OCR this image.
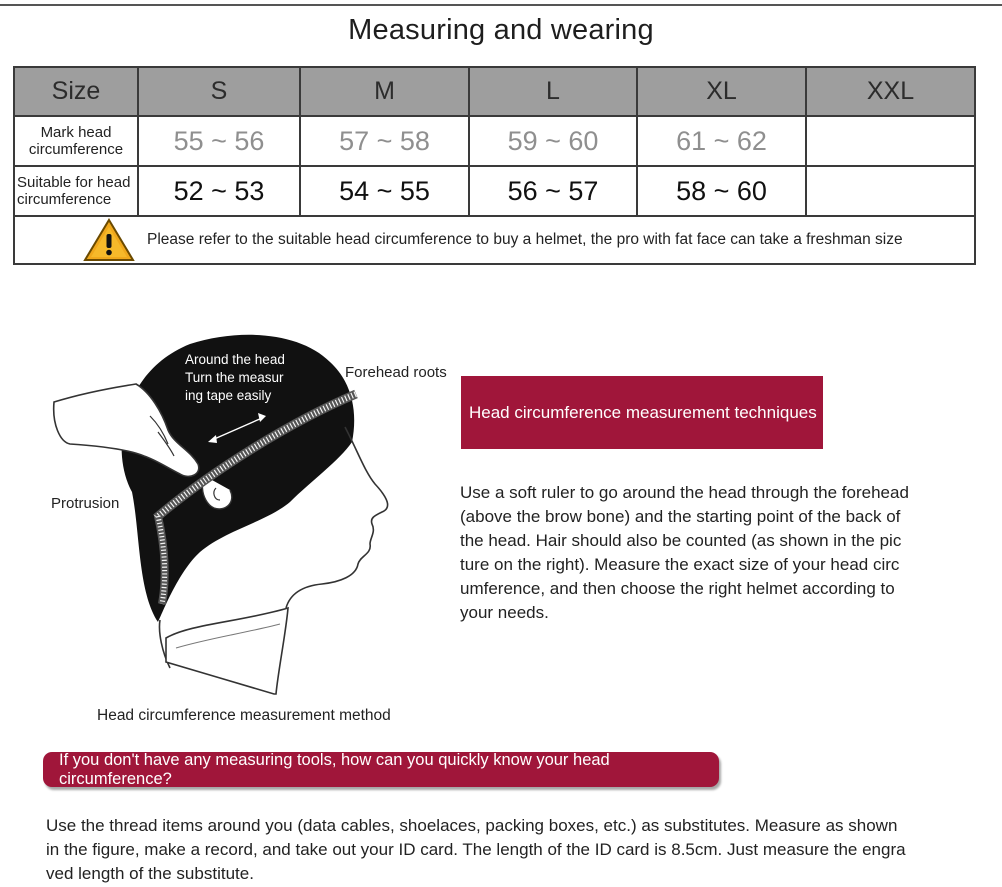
Measuring and wearing
Size	S	M	L	XL	XXL

Mark head circumference	55 ~ 56	57 ~ 58	59 ~ 60	61 ~ 62	

Suitable for head circumference	52 ~ 53	54 ~ 55	56 ~ 57	58 ~ 60	

Please refer to the suitable head circumference to buy a helmet, the pro with fat face can take a freshman size					
Around the head
Turn the measur
ing tape easily
Forehead roots
Protrusion
Head circumference measurement techniques
Use a soft ruler to go around the head through the forehead
(above the brow bone) and the starting point of the back of
the head. Hair should also be counted (as shown in the pic
ture on the right). Measure the exact size of your head circ
umference, and then choose the right helmet according to
your needs.
Head circumference measurement method
If you don't have any measuring tools, how can you quickly know your head circumference?
Use the thread items around you (data cables, shoelaces, packing boxes, etc.) as substitutes. Measure as shown
in the figure, make a record, and take out your ID card. The length of the ID card is 8.5cm. Just measure the engra
ved length of the substitute.
